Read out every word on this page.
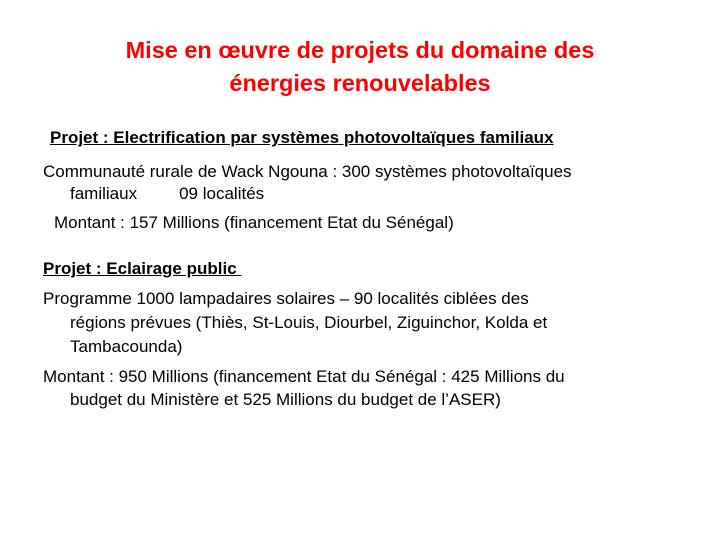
Mise en œuvre de projets du domaine des
énergies renouvelables
Projet : Electrification par systèmes photovoltaïques familiaux
Communauté rurale de Wack Ngouna : 300 systèmes photovoltaïques
familiaux 09 localités
Montant : 157 Millions (financement Etat du Sénégal)
Projet : Eclairage public
Programme 1000 lampadaires solaires – 90 localités ciblées des
régions prévues (Thiès, St-Louis, Diourbel, Ziguinchor, Kolda et
Tambacounda)
Montant : 950 Millions (financement Etat du Sénégal : 425 Millions du
budget du Ministère et 525 Millions du budget de l’ASER)
